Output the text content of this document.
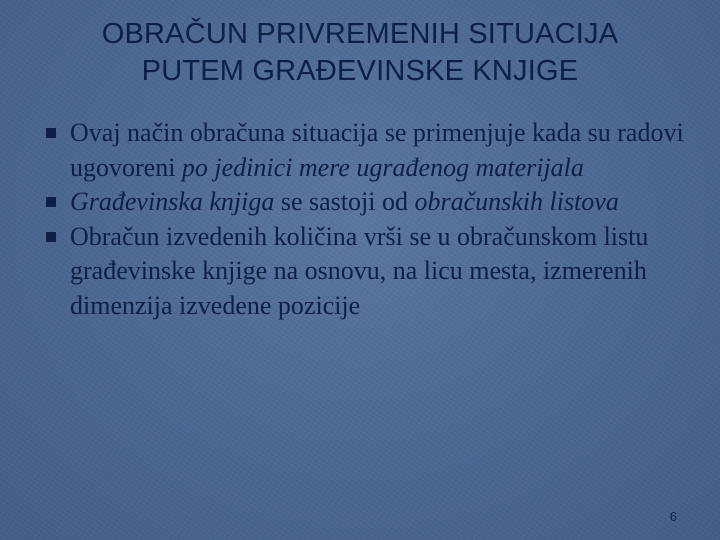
OBRAČUN PRIVREMENIH SITUACIJA
PUTEM GRAĐEVINSKE KNJIGE
Ovaj način obračuna situacija se primenjuje kada su radovi ugovoreni po jedinici mere ugrađenog materijala
Građevinska knjiga se sastoji od obračunskih listova
Obračun izvedenih količina vrši se u obračunskom listu građevinske knjige na osnovu, na licu mesta, izmerenih dimenzija izvedene pozicije
6
